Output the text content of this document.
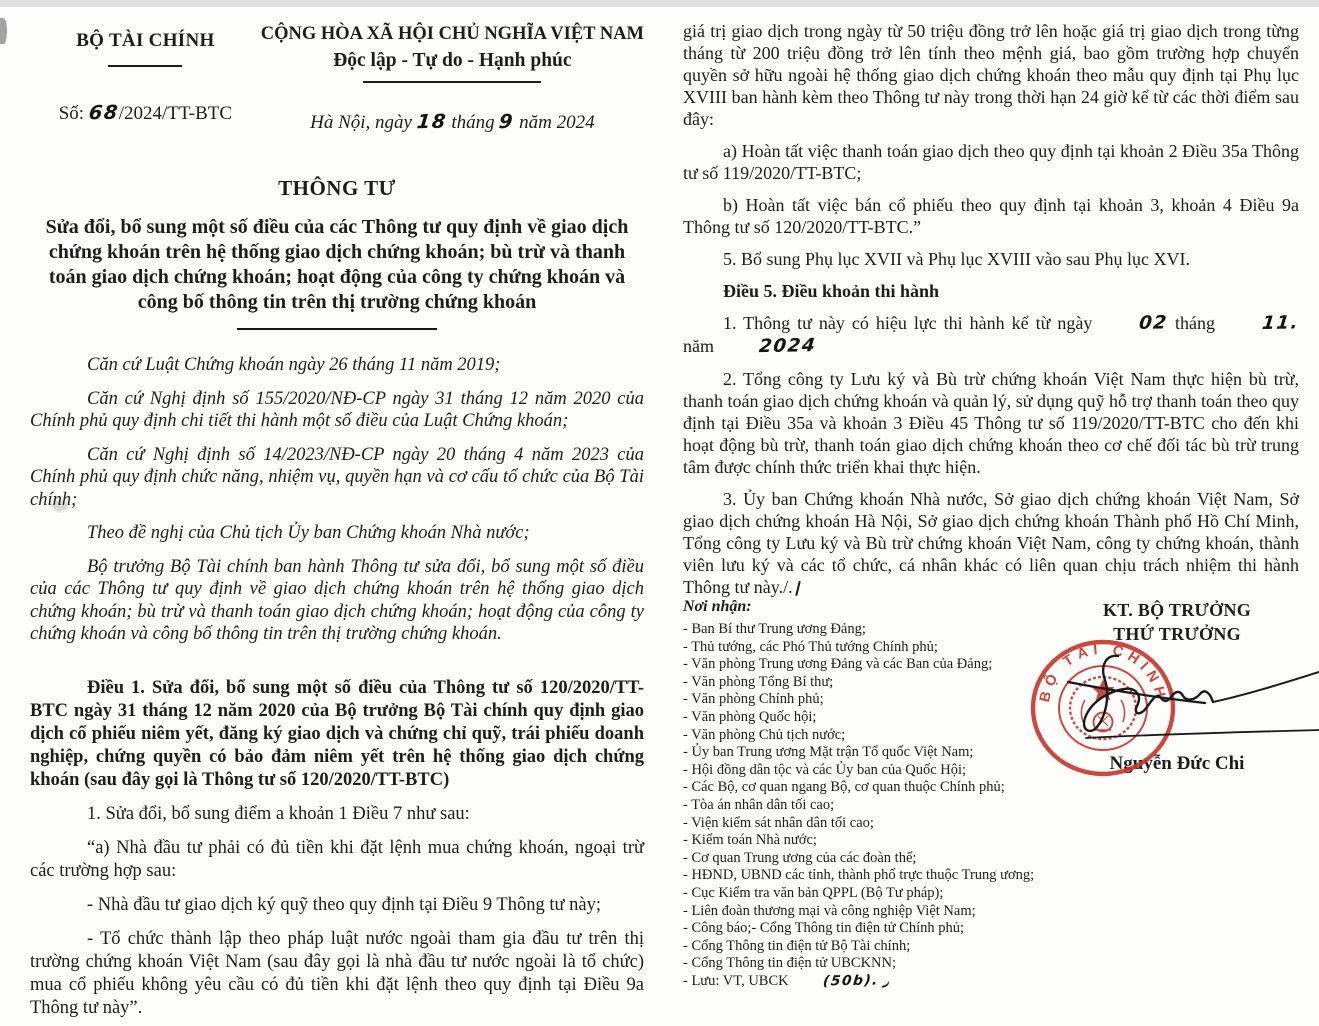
BỘ TÀI CHÍNH
Số: 68/2024/TT-BTC
CỘNG HÒA XÃ HỘI CHỦ NGHĨA VIỆT NAM
Độc lập - Tự do - Hạnh phúc
Hà Nội, ngày 18 tháng 9 năm 2024
THÔNG TƯ
Sửa đổi, bổ sung một số điều của các Thông tư quy định về giao dịch chứng khoán trên hệ thống giao dịch chứng khoán; bù trừ và thanh toán giao dịch chứng khoán; hoạt động của công ty chứng khoán và công bố thông tin trên thị trường chứng khoán

Căn cứ Luật Chứng khoán ngày 26 tháng 11 năm 2019;

Căn cứ Nghị định số 155/2020/NĐ-CP ngày 31 tháng 12 năm 2020 của Chính phủ quy định chi tiết thi hành một số điều của Luật Chứng khoán;

Căn cứ Nghị định số 14/2023/NĐ-CP ngày 20 tháng 4 năm 2023 của Chính phủ quy định chức năng, nhiệm vụ, quyền hạn và cơ cấu tổ chức của Bộ Tài chính;

Theo đề nghị của Chủ tịch Ủy ban Chứng khoán Nhà nước;

Bộ trưởng Bộ Tài chính ban hành Thông tư sửa đổi, bổ sung một số điều của các Thông tư quy định về giao dịch chứng khoán trên hệ thống giao dịch chứng khoán; bù trừ và thanh toán giao dịch chứng khoán; hoạt động của công ty chứng khoán và công bố thông tin trên thị trường chứng khoán.

Điều 1. Sửa đổi, bổ sung một số điều của Thông tư số 120/2020/TT-BTC ngày 31 tháng 12 năm 2020 của Bộ trưởng Bộ Tài chính quy định giao dịch cổ phiếu niêm yết, đăng ký giao dịch và chứng chỉ quỹ, trái phiếu doanh nghiệp, chứng quyền có bảo đảm niêm yết trên hệ thống giao dịch chứng khoán (sau đây gọi là Thông tư số 120/2020/TT-BTC)

1. Sửa đổi, bổ sung điểm a khoản 1 Điều 7 như sau:

“a) Nhà đầu tư phải có đủ tiền khi đặt lệnh mua chứng khoán, ngoại trừ các trường hợp sau:

- Nhà đầu tư giao dịch ký quỹ theo quy định tại Điều 9 Thông tư này;

- Tổ chức thành lập theo pháp luật nước ngoài tham gia đầu tư trên thị trường chứng khoán Việt Nam (sau đây gọi là nhà đầu tư nước ngoài là tổ chức) mua cổ phiếu không yêu cầu có đủ tiền khi đặt lệnh theo quy định tại Điều 9a Thông tư này”.

giá trị giao dịch trong ngày từ 50 triệu đồng trở lên hoặc giá trị giao dịch trong từng tháng từ 200 triệu đồng trở lên tính theo mệnh giá, bao gồm trường hợp chuyển quyền sở hữu ngoài hệ thống giao dịch chứng khoán theo mẫu quy định tại Phụ lục XVIII ban hành kèm theo Thông tư này trong thời hạn 24 giờ kể từ các thời điểm sau đây:

a) Hoàn tất việc thanh toán giao dịch theo quy định tại khoản 2 Điều 35a Thông tư số 119/2020/TT-BTC;

b) Hoàn tất việc bán cổ phiếu theo quy định tại khoản 3, khoản 4 Điều 9a Thông tư số 120/2020/TT-BTC.”

5. Bổ sung Phụ lục XVII và Phụ lục XVIII vào sau Phụ lục XVI.

Điều 5. Điều khoản thi hành

1. Thông tư này có hiệu lực thi hành kể từ ngày 02 tháng 11. năm 2024

2. Tổng công ty Lưu ký và Bù trừ chứng khoán Việt Nam thực hiện bù trừ, thanh toán giao dịch chứng khoán và quản lý, sử dụng quỹ hỗ trợ thanh toán theo quy định tại Điều 35a và khoản 3 Điều 45 Thông tư số 119/2020/TT-BTC cho đến khi hoạt động bù trừ, thanh toán giao dịch chứng khoán theo cơ chế đối tác bù trừ trung tâm được chính thức triển khai thực hiện.

3. Ủy ban Chứng khoán Nhà nước, Sở giao dịch chứng khoán Việt Nam, Sở giao dịch chứng khoán Hà Nội, Sở giao dịch chứng khoán Thành phố Hồ Chí Minh, Tổng công ty Lưu ký và Bù trừ chứng khoán Việt Nam, công ty chứng khoán, thành viên lưu ký và các tổ chức, cá nhân khác có liên quan chịu trách nhiệm thi hành Thông tư này./.

Nơi nhận:
- Ban Bí thư Trung ương Đảng;
- Thủ tướng, các Phó Thủ tướng Chính phủ;
- Văn phòng Trung ương Đảng và các Ban của Đảng;
- Văn phòng Tổng Bí thư;
- Văn phòng Chính phủ;
- Văn phòng Quốc hội;
- Văn phòng Chủ tịch nước;
- Ủy ban Trung ương Mặt trận Tổ quốc Việt Nam;
- Hội đồng dân tộc và các Ủy ban của Quốc Hội;
- Các Bộ, cơ quan ngang Bộ, cơ quan thuộc Chính phủ;
- Tòa án nhân dân tối cao;
- Viện kiểm sát nhân dân tối cao;
- Kiểm toán Nhà nước;
- Cơ quan Trung ương của các đoàn thể;
- HĐND, UBND các tỉnh, thành phố trực thuộc Trung ương;
- Cục Kiểm tra văn bản QPPL (Bộ Tư pháp);
- Liên đoàn thương mại và công nghiệp Việt Nam;
- Công báo;- Cổng Thông tin điện tử Chính phủ;
- Cổng Thông tin điện tử Bộ Tài chính;
- Cổng Thông tin điện tử UBCKNN;
- Lưu: VT, UBCK (50b).
KT. BỘ TRƯỞNG
THỨ TRƯỞNG
Nguyễn Đức Chi
BỘ TÀI CHÍNH
